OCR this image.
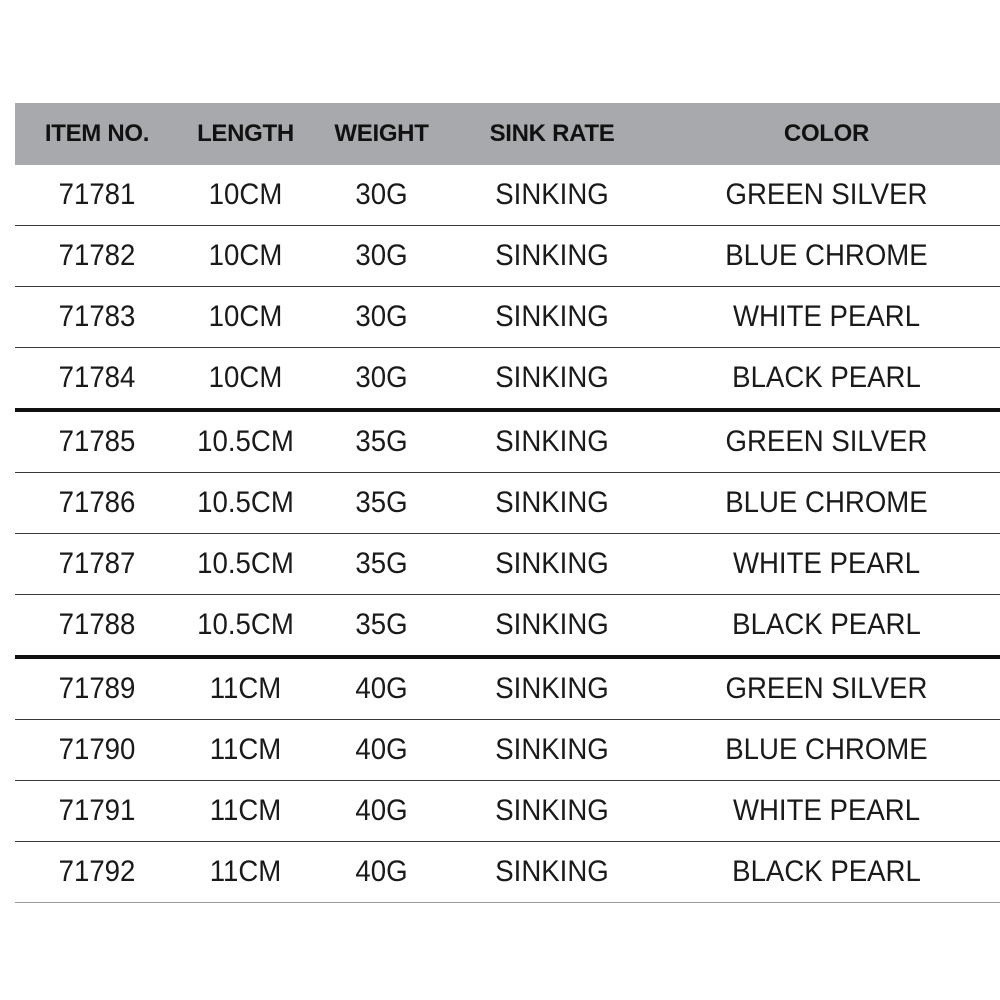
ITEM NO.	LENGTH	WEIGHT	SINK RATE	COLOR
71781	10CM	30G	SINKING	GREEN SILVER
71782	10CM	30G	SINKING	BLUE CHROME
71783	10CM	30G	SINKING	WHITE PEARL
71784	10CM	30G	SINKING	BLACK PEARL
71785	10.5CM	35G	SINKING	GREEN SILVER
71786	10.5CM	35G	SINKING	BLUE CHROME
71787	10.5CM	35G	SINKING	WHITE PEARL
71788	10.5CM	35G	SINKING	BLACK PEARL
71789	11CM	40G	SINKING	GREEN SILVER
71790	11CM	40G	SINKING	BLUE CHROME
71791	11CM	40G	SINKING	WHITE PEARL
71792	11CM	40G	SINKING	BLACK PEARL
